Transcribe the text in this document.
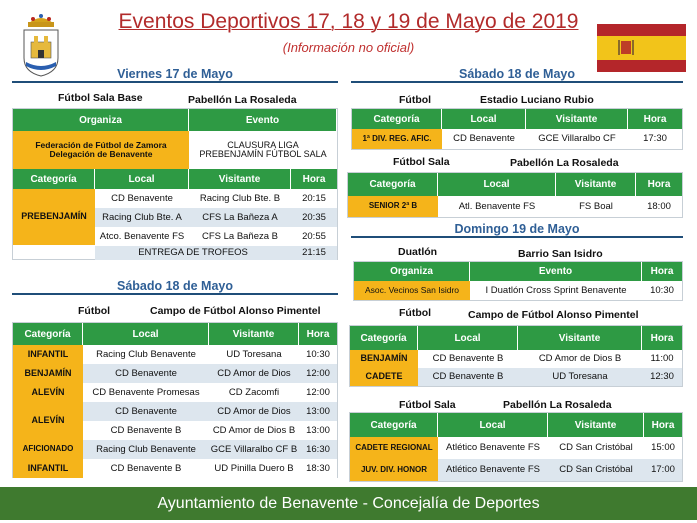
Eventos Deportivos 17, 18 y 19 de Mayo de 2019
(Información no oficial)
Viernes 17 de Mayo
Fútbol Sala Base	Pabellón La Rosaleda
Organiza	Evento
Federación de Fútbol de Zamora Delegación de Benavente
CLAUSURA LIGA PREBENJAMÍN FÚTBOL SALA
Categoría	Local	Visitante	Hora
PREBENJAMÍN
CD Benavente	Racing Club Bte. B	20:15
Racing Club Bte. A	CFS La Bañeza A	20:35
Atco. Benavente FS	CFS La Bañeza B	20:55
ENTREGA DE TROFEOS	21:15
Sábado 18 de Mayo
Fútbol	Campo de Fútbol Alonso Pimentel
Categoría	Local	Visitante	Hora
INFANTIL	Racing Club Benavente	UD Toresana	10:30
BENJAMÍN	CD Benavente	CD Amor de Dios	12:00
ALEVÍN	CD Benavente Promesas	CD Zacomfi	12:00
ALEVÍN
CD Benavente	CD Amor de Dios	13:00
CD Benavente B	CD Amor de Dios B	13:00
AFICIONADO	Racing Club Benavente	GCE Villaralbo CF B 16:30
INFANTIL	CD Benavente B	UD Pinilla Duero B	18:30
Sábado 18 de Mayo
Fútbol	Estadio Luciano Rubio
Categoría	Local	Visitante	Hora
1ª DIV. REG. AFIC.	CD Benavente	GCE Villaralbo CF	17:30
Fútbol Sala	Pabellón La Rosaleda
Categoría	Local	Visitante	Hora
SENIOR 2ª B	Atl. Benavente FS	FS Boal	18:00
Domingo 19 de Mayo
Duatlón	Barrio San Isidro
Organiza	Evento	Hora
Asoc. Vecinos San Isidro	I Duatlón Cross Sprint Benavente	10:30
Fútbol	Campo de Fútbol Alonso Pimentel
Categoría	Local	Visitante	Hora
BENJAMÍN	CD Benavente B	CD Amor de Dios B	11:00
CADETE	CD Benavente B	UD Toresana	12:30
Fútbol Sala	Pabellón La Rosaleda
Categoría	Local	Visitante	Hora
CADETE REGIONAL	Atlético Benavente FS	CD San Cristóbal	15:00
JUV. DIV. HONOR	Atlético Benavente FS	CD San Cristóbal	17:00
Ayuntamiento de Benavente - Concejalía de Deportes
